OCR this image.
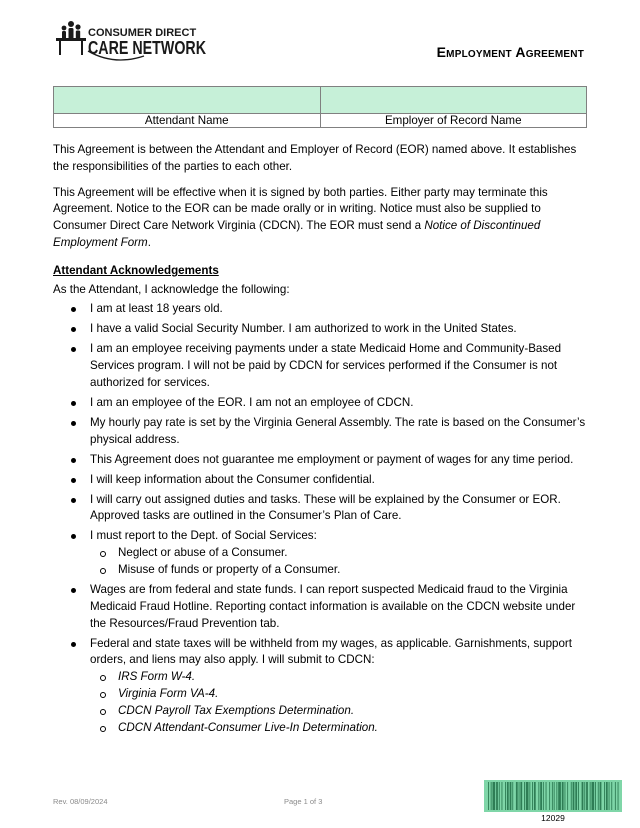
CONSUMER DIRECT
CARE NETWORK	Employment Agreement

Attendant Name	Employer of Record Name

This Agreement is between the Attendant and Employer of Record (EOR) named above. It establishes the responsibilities of the parties to each other.

This Agreement will be effective when it is signed by both parties. Either party may terminate this Agreement. Notice to the EOR can be made orally or in writing. Notice must also be supplied to Consumer Direct Care Network Virginia (CDCN). The EOR must send a Notice of Discontinued Employment Form.

Attendant Acknowledgements
As the Attendant, I acknowledge the following:
I am at least 18 years old.
I have a valid Social Security Number. I am authorized to work in the United States.
I am an employee receiving payments under a state Medicaid Home and Community-Based Services program. I will not be paid by CDCN for services performed if the Consumer is not authorized for services.
I am an employee of the EOR. I am not an employee of CDCN.
My hourly pay rate is set by the Virginia General Assembly. The rate is based on the Consumer’s physical address.
This Agreement does not guarantee me employment or payment of wages for any time period.
I will keep information about the Consumer confidential.
I will carry out assigned duties and tasks. These will be explained by the Consumer or EOR. Approved tasks are outlined in the Consumer’s Plan of Care.
I must report to the Dept. of Social Services:
Neglect or abuse of a Consumer.
Misuse of funds or property of a Consumer.
Wages are from federal and state funds. I can report suspected Medicaid fraud to the Virginia Medicaid Fraud Hotline. Reporting contact information is available on the CDCN website under the Resources/Fraud Prevention tab.
Federal and state taxes will be withheld from my wages, as applicable. Garnishments, support orders, and liens may also apply. I will submit to CDCN:
IRS Form W-4.
Virginia Form VA-4.
CDCN Payroll Tax Exemptions Determination.
CDCN Attendant-Consumer Live-In Determination.
Rev. 08/09/2024	Page 1 of 3
12029
